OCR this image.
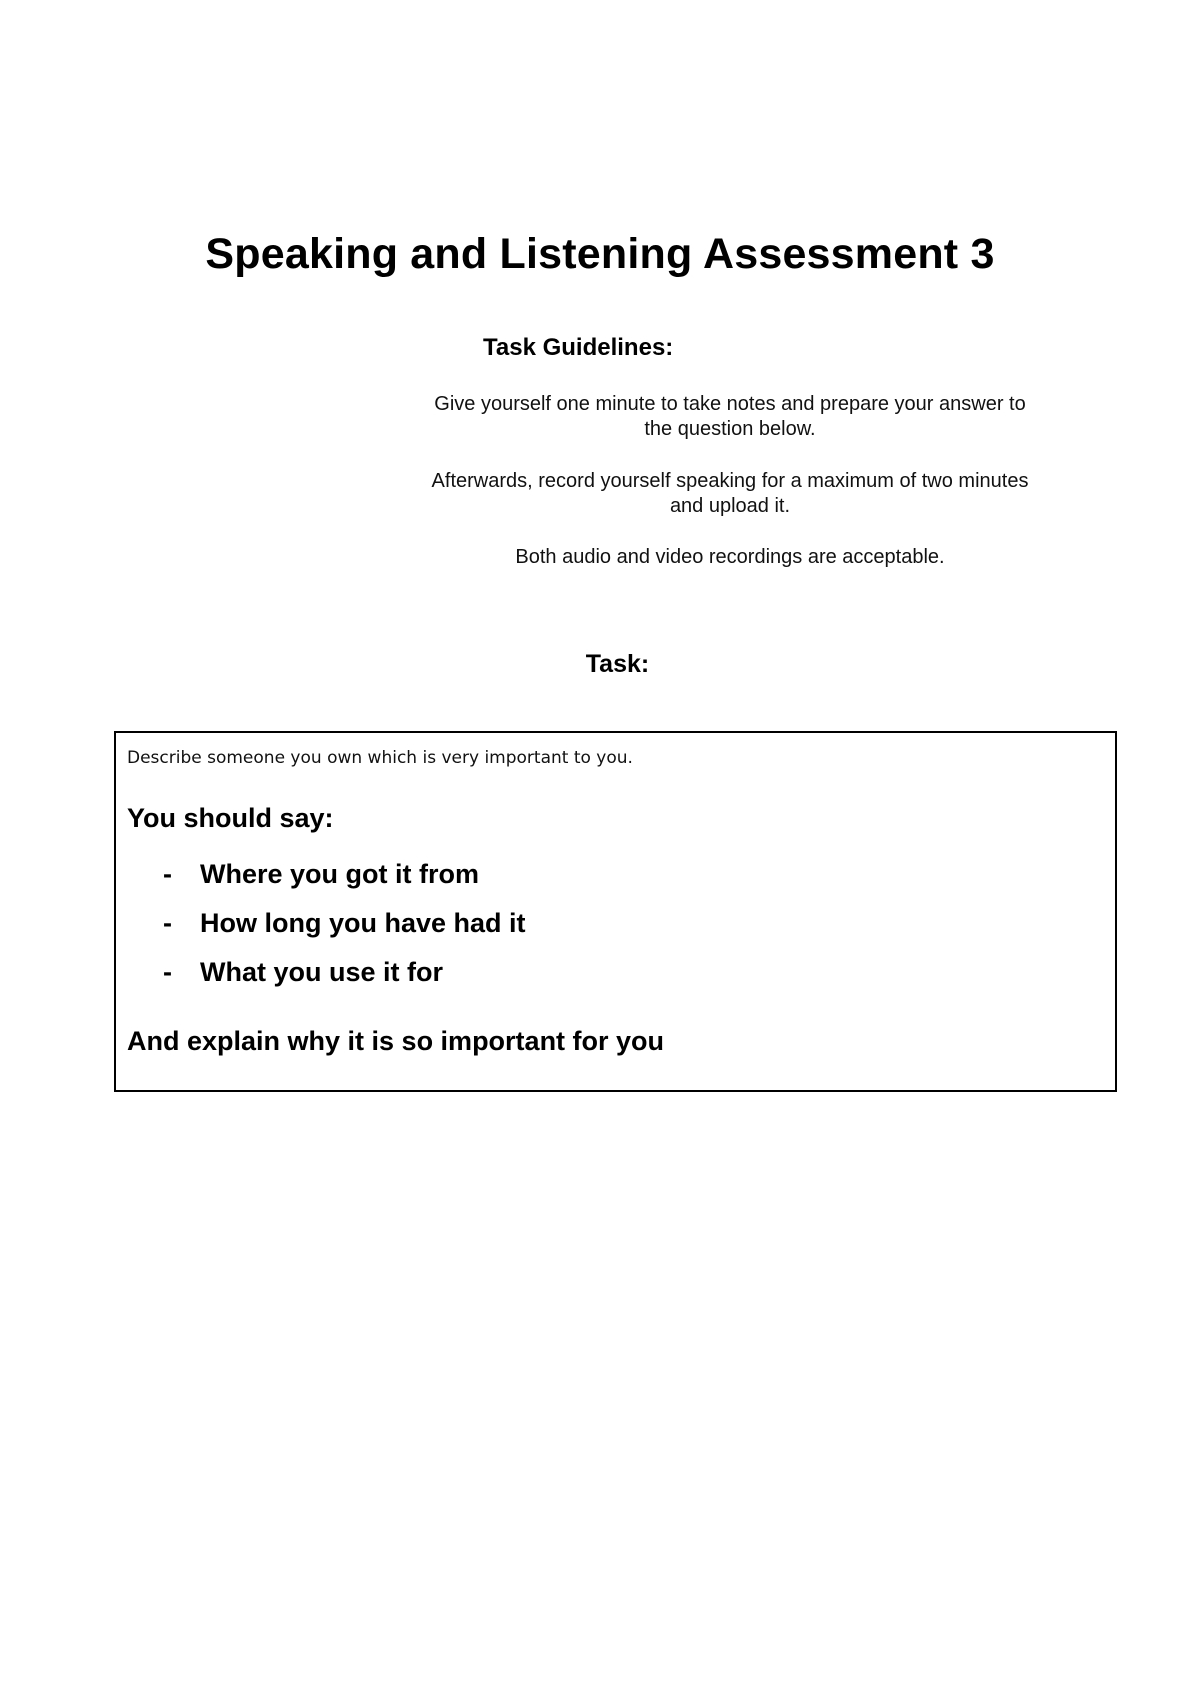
Speaking and Listening Assessment 3
Task Guidelines:

Give yourself one minute to take notes and prepare your answer to
the question below.

Afterwards, record yourself speaking for a maximum of two minutes
and upload it.

Both audio and video recordings are acceptable.

Task:

Describe someone you own which is very important to you.

You should say:

-	Where you got it from
-	How long you have had it
-	What you use it for

And explain why it is so important for you
